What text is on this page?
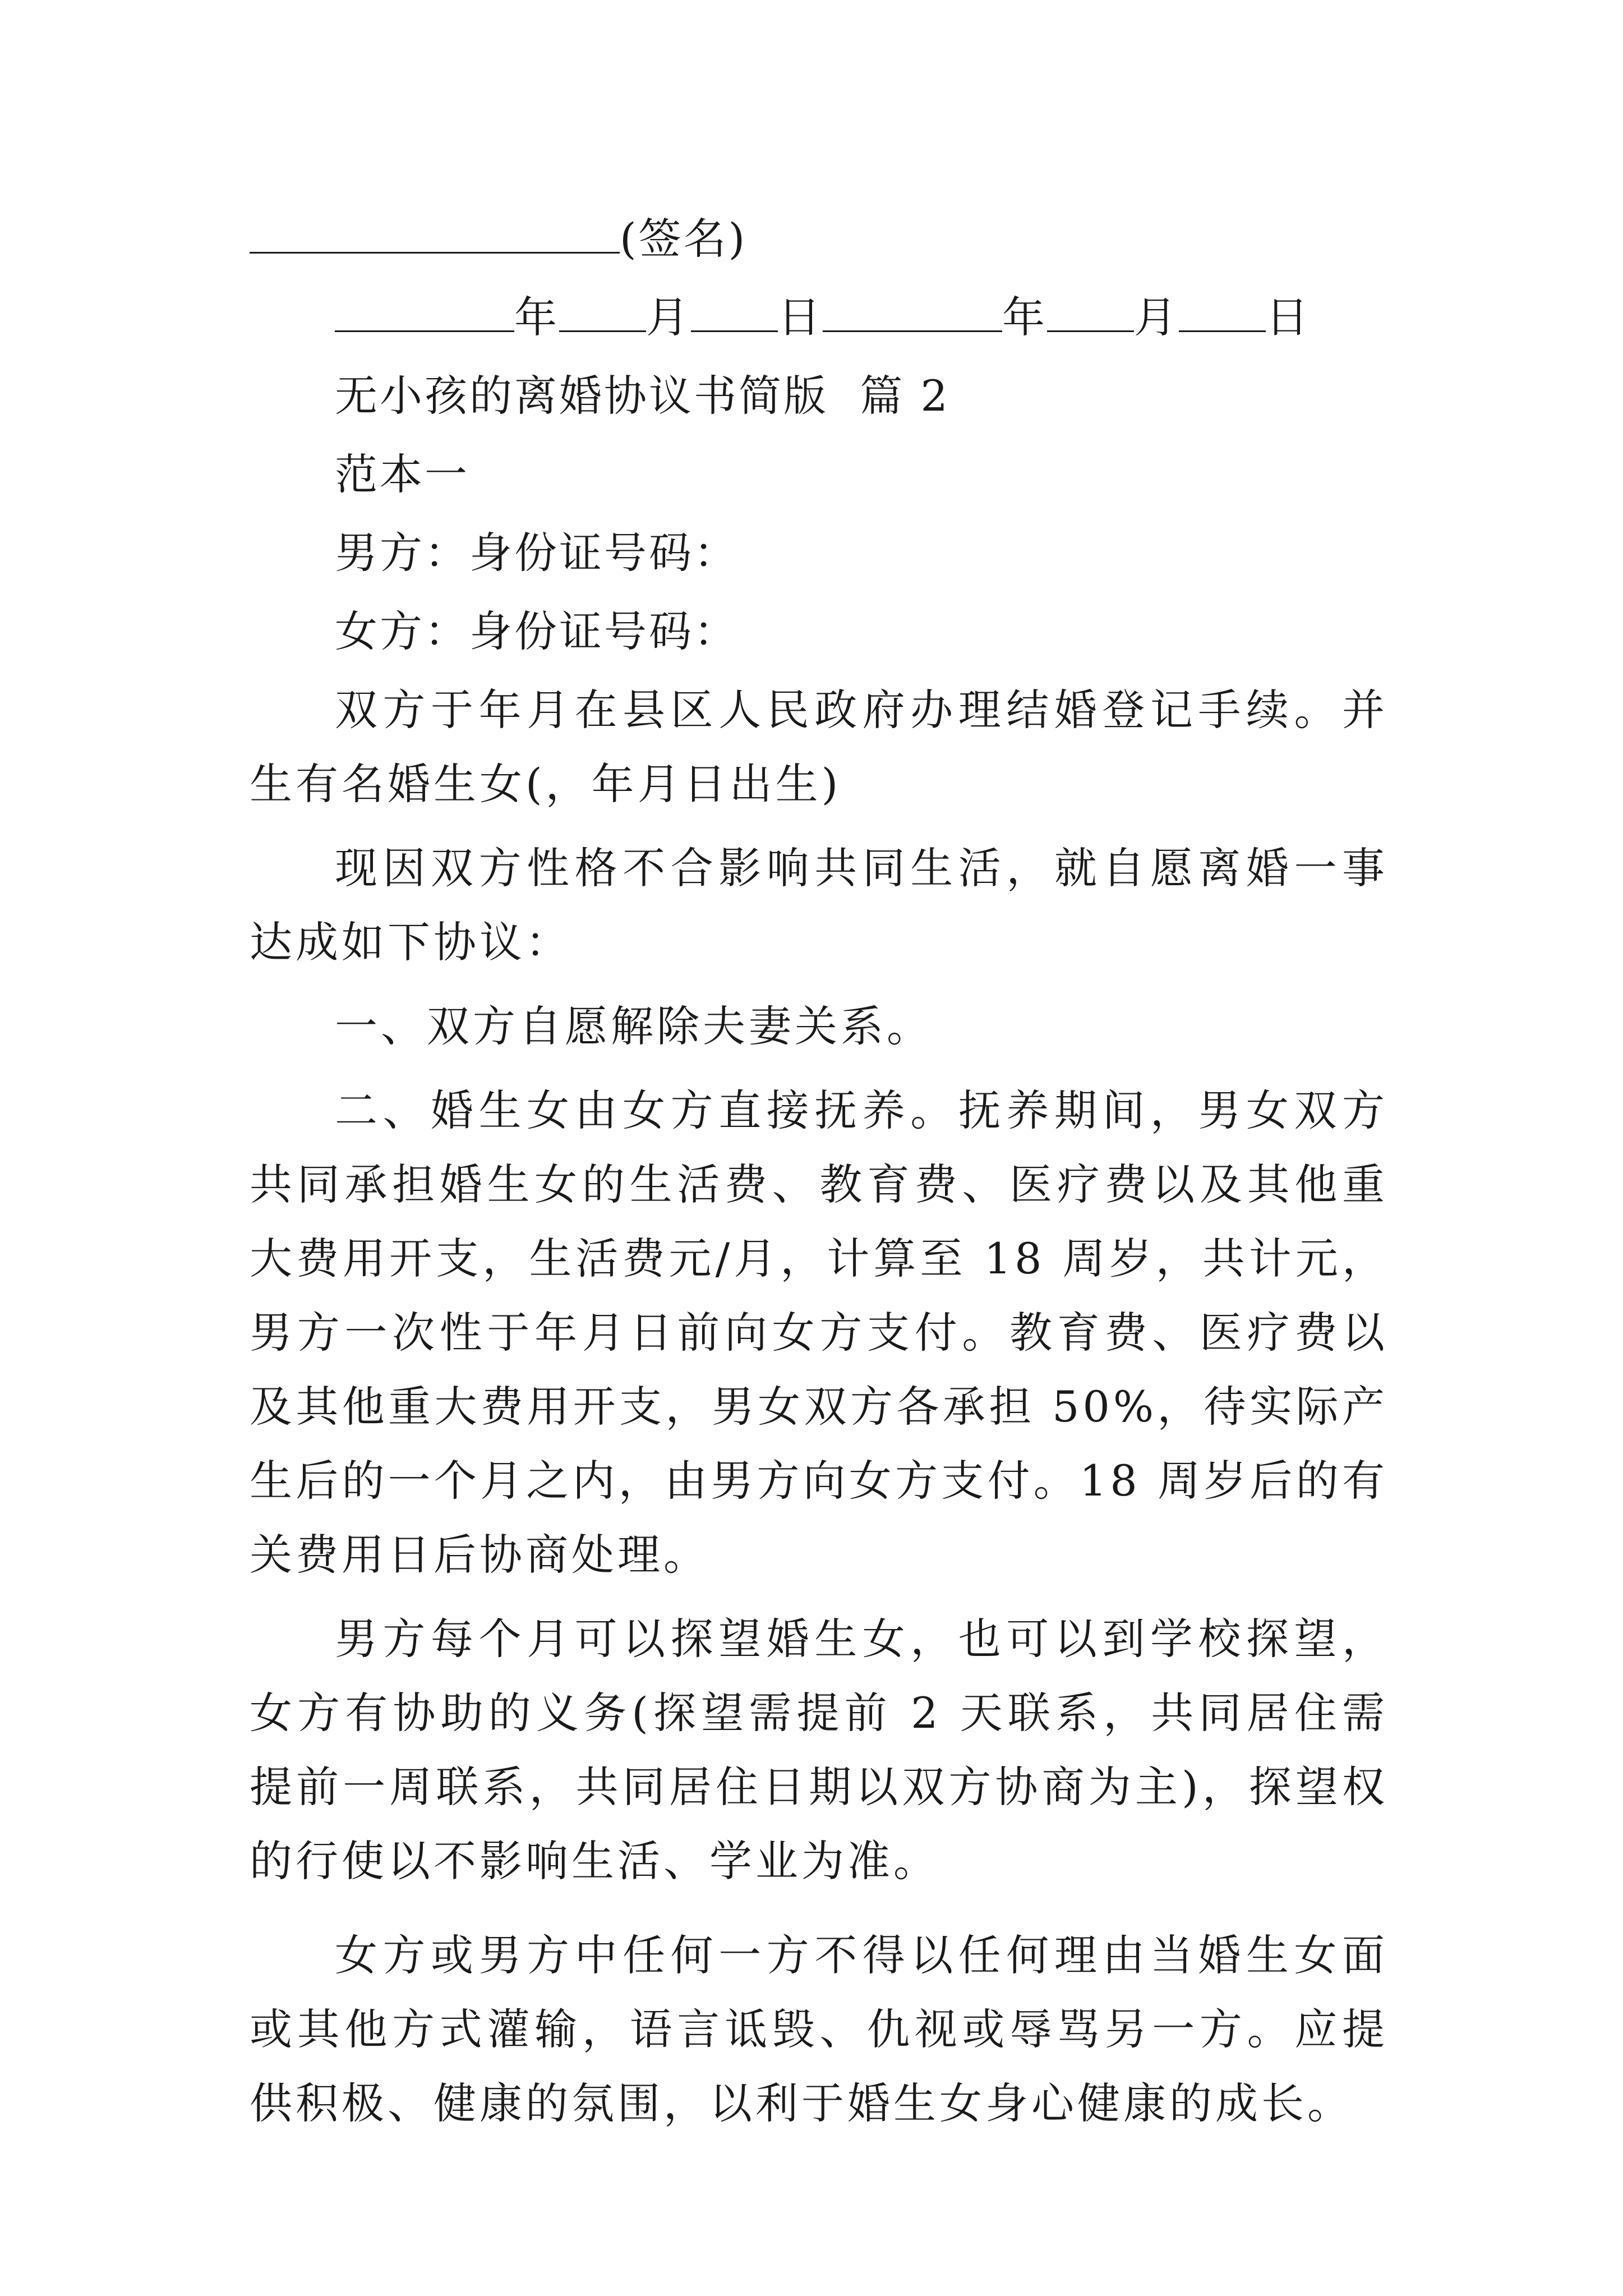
(签名)
年 月 日	年 月 日
无小孩的离婚协议书简版  篇 2
范本一
男方：身份证号码：
女方：身份证号码：
双方于年月在县区人民政府办理结婚登记手续。并生有名婚生女(，年月日出生)
现因双方性格不合影响共同生活，就自愿离婚一事达成如下协议：
一、双方自愿解除夫妻关系。
二、婚生女由女方直接抚养。抚养期间，男女双方共同承担婚生女的生活费、教育费、医疗费以及其他重大费用开支，生活费元/月，计算至 18 周岁，共计元，男方一次性于年月日前向女方支付。教育费、医疗费以及其他重大费用开支，男女双方各承担 50%，待实际产生后的一个月之内，由男方向女方支付。18 周岁后的有关费用日后协商处理。
男方每个月可以探望婚生女，也可以到学校探望，女方有协助的义务(探望需提前 2 天联系，共同居住需提前一周联系，共同居住日期以双方协商为主)，探望权的行使以不影响生活、学业为准。
女方或男方中任何一方不得以任何理由当婚生女面或其他方式灌输，语言诋毁、仇视或辱骂另一方。应提供积极、健康的氛围，以利于婚生女身心健康的成长。
